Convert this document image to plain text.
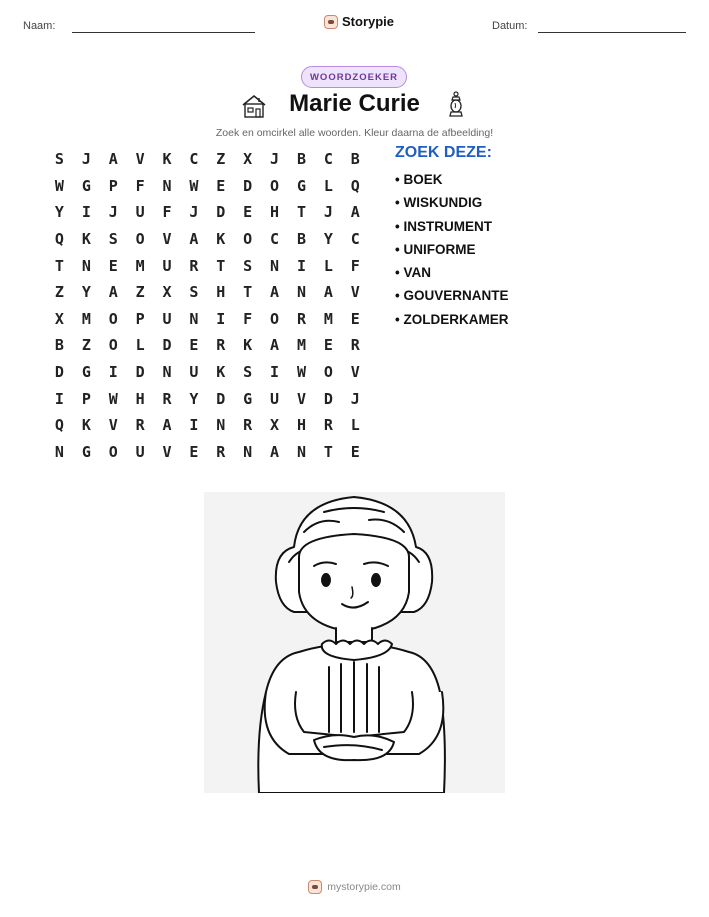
Naam:	Storypie	Datum:
WOORDZOEKER
Marie Curie
Zoek en omcirkel alle woorden. Kleur daarna de afbeelding!
S	J	A	V	K	C	Z	X	J	B	C	B
W	G	P	F	N	W	E	D	O	G	L	Q
Y	I	J	U	F	J	D	E	H	T	J	A
Q	K	S	O	V	A	K	O	C	B	Y	C
T	N	E	M	U	R	T	S	N	I	L	F
Z	Y	A	Z	X	S	H	T	A	N	A	V
X	M	O	P	U	N	I	F	O	R	M	E
B	Z	O	L	D	E	R	K	A	M	E	R
D	G	I	D	N	U	K	S	I	W	O	V
I	P	W	H	R	Y	D	G	U	V	D	J
Q	K	V	R	A	I	N	R	X	H	R	L
N	G	O	U	V	E	R	N	A	N	T	E
ZOEK DEZE:
• BOEK
• WISKUNDIG
• INSTRUMENT
• UNIFORME
• VAN
• GOUVERNANTE
• ZOLDERKAMER
mystorypie.com
